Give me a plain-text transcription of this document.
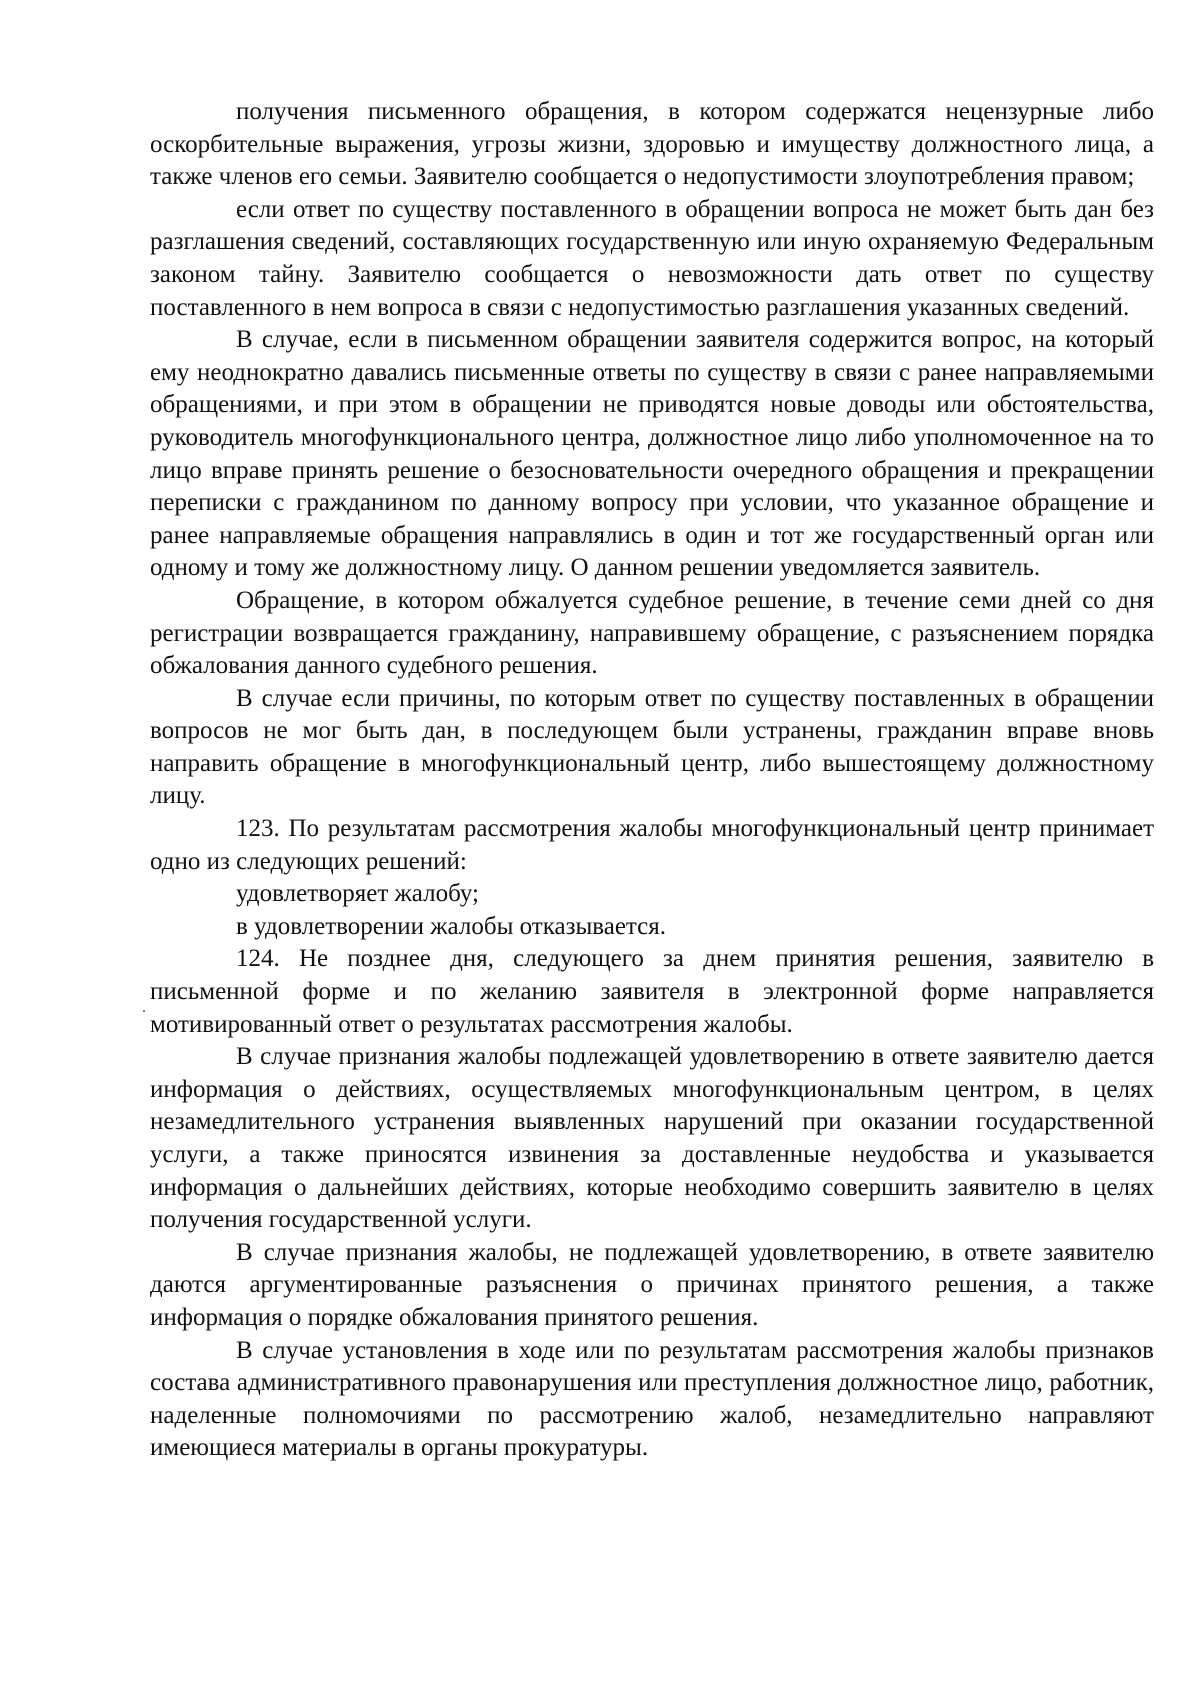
получения письменного обращения, в котором содержатся нецензурные либо оскорбительные выражения, угрозы жизни, здоровью и имуществу должностного лица, а также членов его семьи. Заявителю сообщается о недопустимости злоупотребления правом;

если ответ по существу поставленного в обращении вопроса не может быть дан без разглашения сведений, составляющих государственную или иную охраняемую Федеральным законом тайну. Заявителю сообщается о невозможности дать ответ по существу поставленного в нем вопроса в связи с недопустимостью разглашения указанных сведений.

В случае, если в письменном обращении заявителя содержится вопрос, на который ему неоднократно давались письменные ответы по существу в связи с ранее направляемыми обращениями, и при этом в обращении не приводятся новые доводы или обстоятельства, руководитель многофункционального центра, должностное лицо либо уполномоченное на то лицо вправе принять решение о безосновательности очередного обращения и прекращении переписки с гражданином по данному вопросу при условии, что указанное обращение и ранее направляемые обращения направлялись в один и тот же государственный орган или одному и тому же должностному лицу. О данном решении уведомляется заявитель.

Обращение, в котором обжалуется судебное решение, в течение семи дней со дня регистрации возвращается гражданину, направившему обращение, с разъяснением порядка обжалования данного судебного решения.

В случае если причины, по которым ответ по существу поставленных в обращении вопросов не мог быть дан, в последующем были устранены, гражданин вправе вновь направить обращение в многофункциональный центр, либо вышестоящему должностному лицу.

123. По результатам рассмотрения жалобы многофункциональный центр принимает одно из следующих решений:

удовлетворяет жалобу;

в удовлетворении жалобы отказывается.

124. Не позднее дня, следующего за днем принятия решения, заявителю в письменной форме и по желанию заявителя в электронной форме направляется мотивированный ответ о результатах рассмотрения жалобы.

В случае признания жалобы подлежащей удовлетворению в ответе заявителю дается информация о действиях, осуществляемых многофункциональным центром, в целях незамедлительного устранения выявленных нарушений при оказании государственной услуги, а также приносятся извинения за доставленные неудобства и указывается информация о дальнейших действиях, которые необходимо совершить заявителю в целях получения государственной услуги.

В случае признания жалобы, не подлежащей удовлетворению, в ответе заявителю даются аргументированные разъяснения о причинах принятого решения, а также информация о порядке обжалования принятого решения.

В случае установления в ходе или по результатам рассмотрения жалобы признаков состава административного правонарушения или преступления должностное лицо, работник, наделенные полномочиями по рассмотрению жалоб, незамедлительно направляют имеющиеся материалы в органы прокуратуры.
